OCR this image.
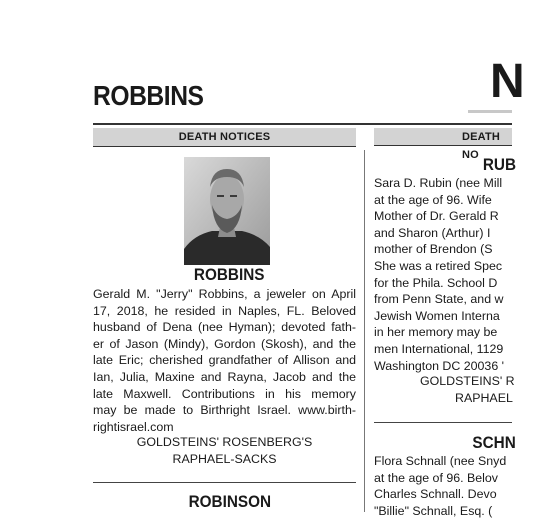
ROBBINS	N
DEATH NOTICES	DEATH NO
ROBBINS
Gerald M. "Jerry" Robbins, a jeweler on April
17, 2018, he resided in Naples, FL. Beloved
husband of Dena (nee Hyman); devoted fath-
er of Jason (Mindy), Gordon (Skosh), and the
late Eric; cherished grandfather of Allison and
Ian, Julia, Maxine and Rayna, Jacob and the
late Maxwell. Contributions in his memory
may be made to Birthright Israel. www.birth-
rightisrael.com
GOLDSTEINS' ROSENBERG'S
RAPHAEL-SACKS
ROBINSON
RUB
Sara D. Rubin (nee Mill
at the age of 96. Wife
Mother of Dr. Gerald R
and Sharon (Arthur) I
mother of Brendon (S
She was a retired Spec
for the Phila. School D
from Penn State, and w
Jewish Women Interna
in her memory may be
men International, 1129
Washington DC 20036 '
GOLDSTEINS' R
RAPHAEL
SCHN
Flora Schnall (nee Snyd
at the age of 96. Belov
Charles Schnall. Devo
"Billie" Schnall, Esq. (
